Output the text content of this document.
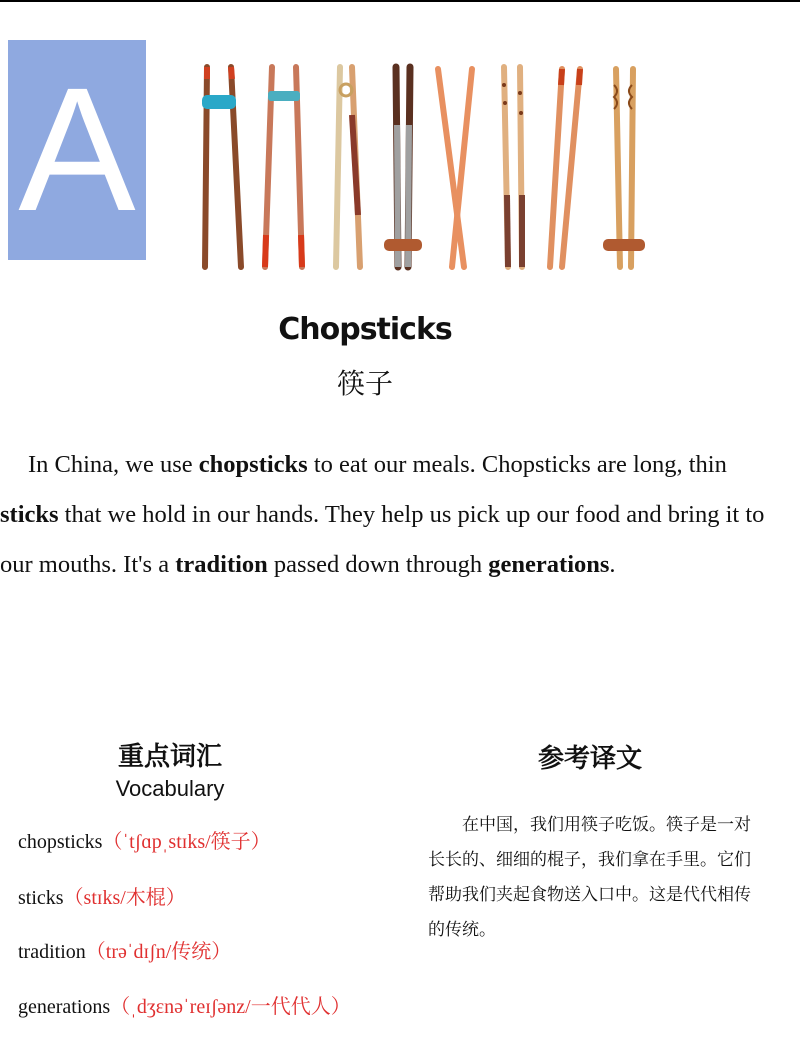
A
Chopsticks
筷子

In China, we use chopsticks to eat our meals. Chopsticks are long, thin sticks that we hold in our hands. They help us pick up our food and bring it to our mouths. It's a tradition passed down through generations.

重点词汇
Vocabulary
chopsticks（ˈtʃɑpˌstɪks/筷子）
sticks（stɪks/木棍）
tradition（trəˈdɪʃn/传统）
generations（ˌdʒɛnəˈreɪʃənz/一代代人）
参考译文

在中国，我们用筷子吃饭。筷子是一对长长的、细细的棍子，我们拿在手里。它们帮助我们夹起食物送入口中。这是代代相传的传统。
